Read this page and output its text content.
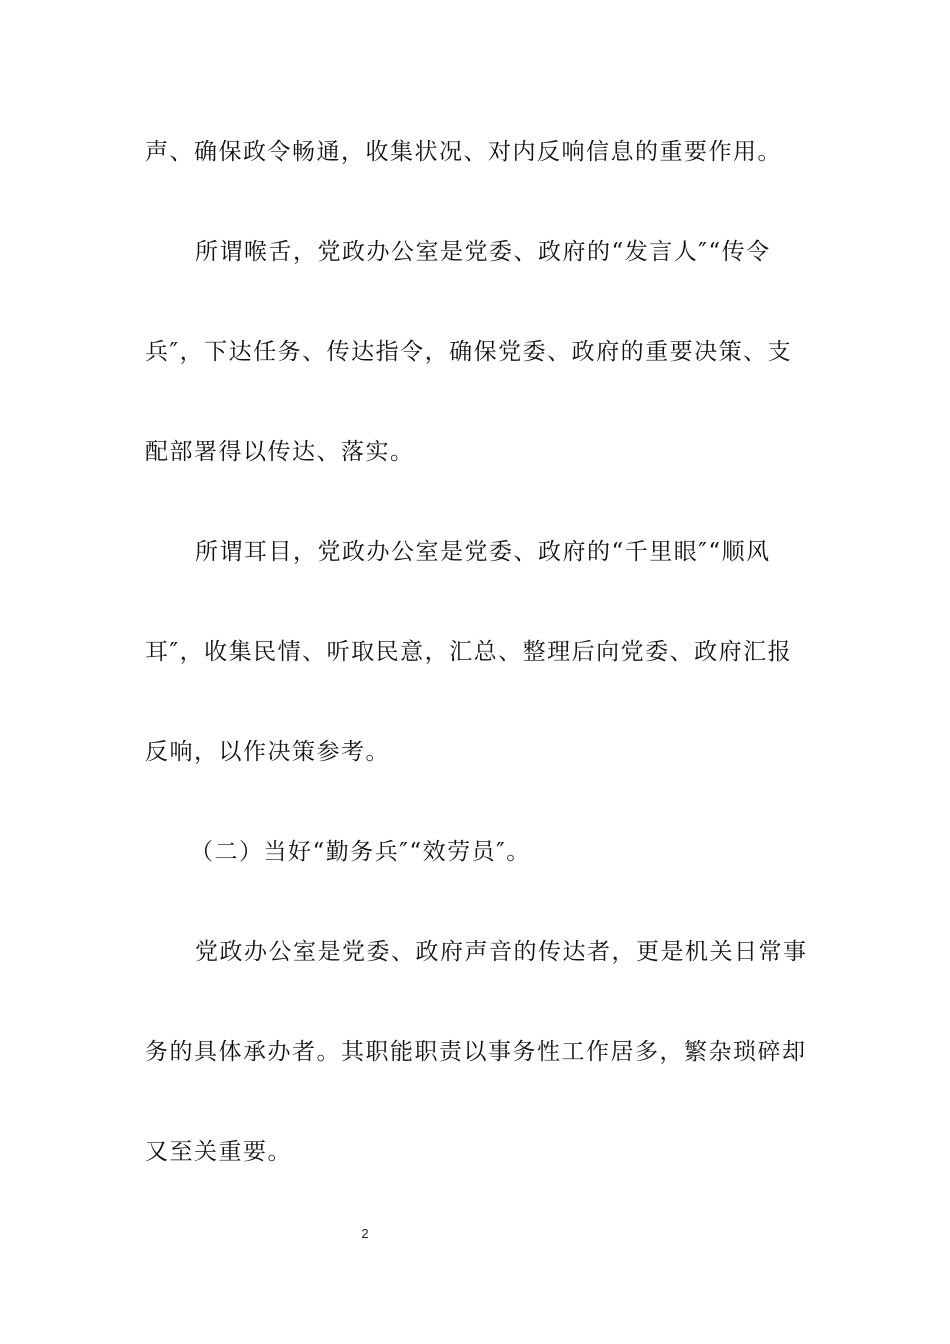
声、确保政令畅通，收集状况、对内反响信息的重要作用。
所谓喉舌，党政办公室是党委、政府的“发言人″“传令
兵″，下达任务、传达指令，确保党委、政府的重要决策、支
配部署得以传达、落实。
所谓耳目，党政办公室是党委、政府的“千里眼″“顺风
耳″，收集民情、听取民意，汇总、整理后向党委、政府汇报
反响，以作决策参考。
（二）当好“勤务兵″“效劳员″。
党政办公室是党委、政府声音的传达者，更是机关日常事
务的具体承办者。其职能职责以事务性工作居多，繁杂琐碎却
又至关重要。
2
